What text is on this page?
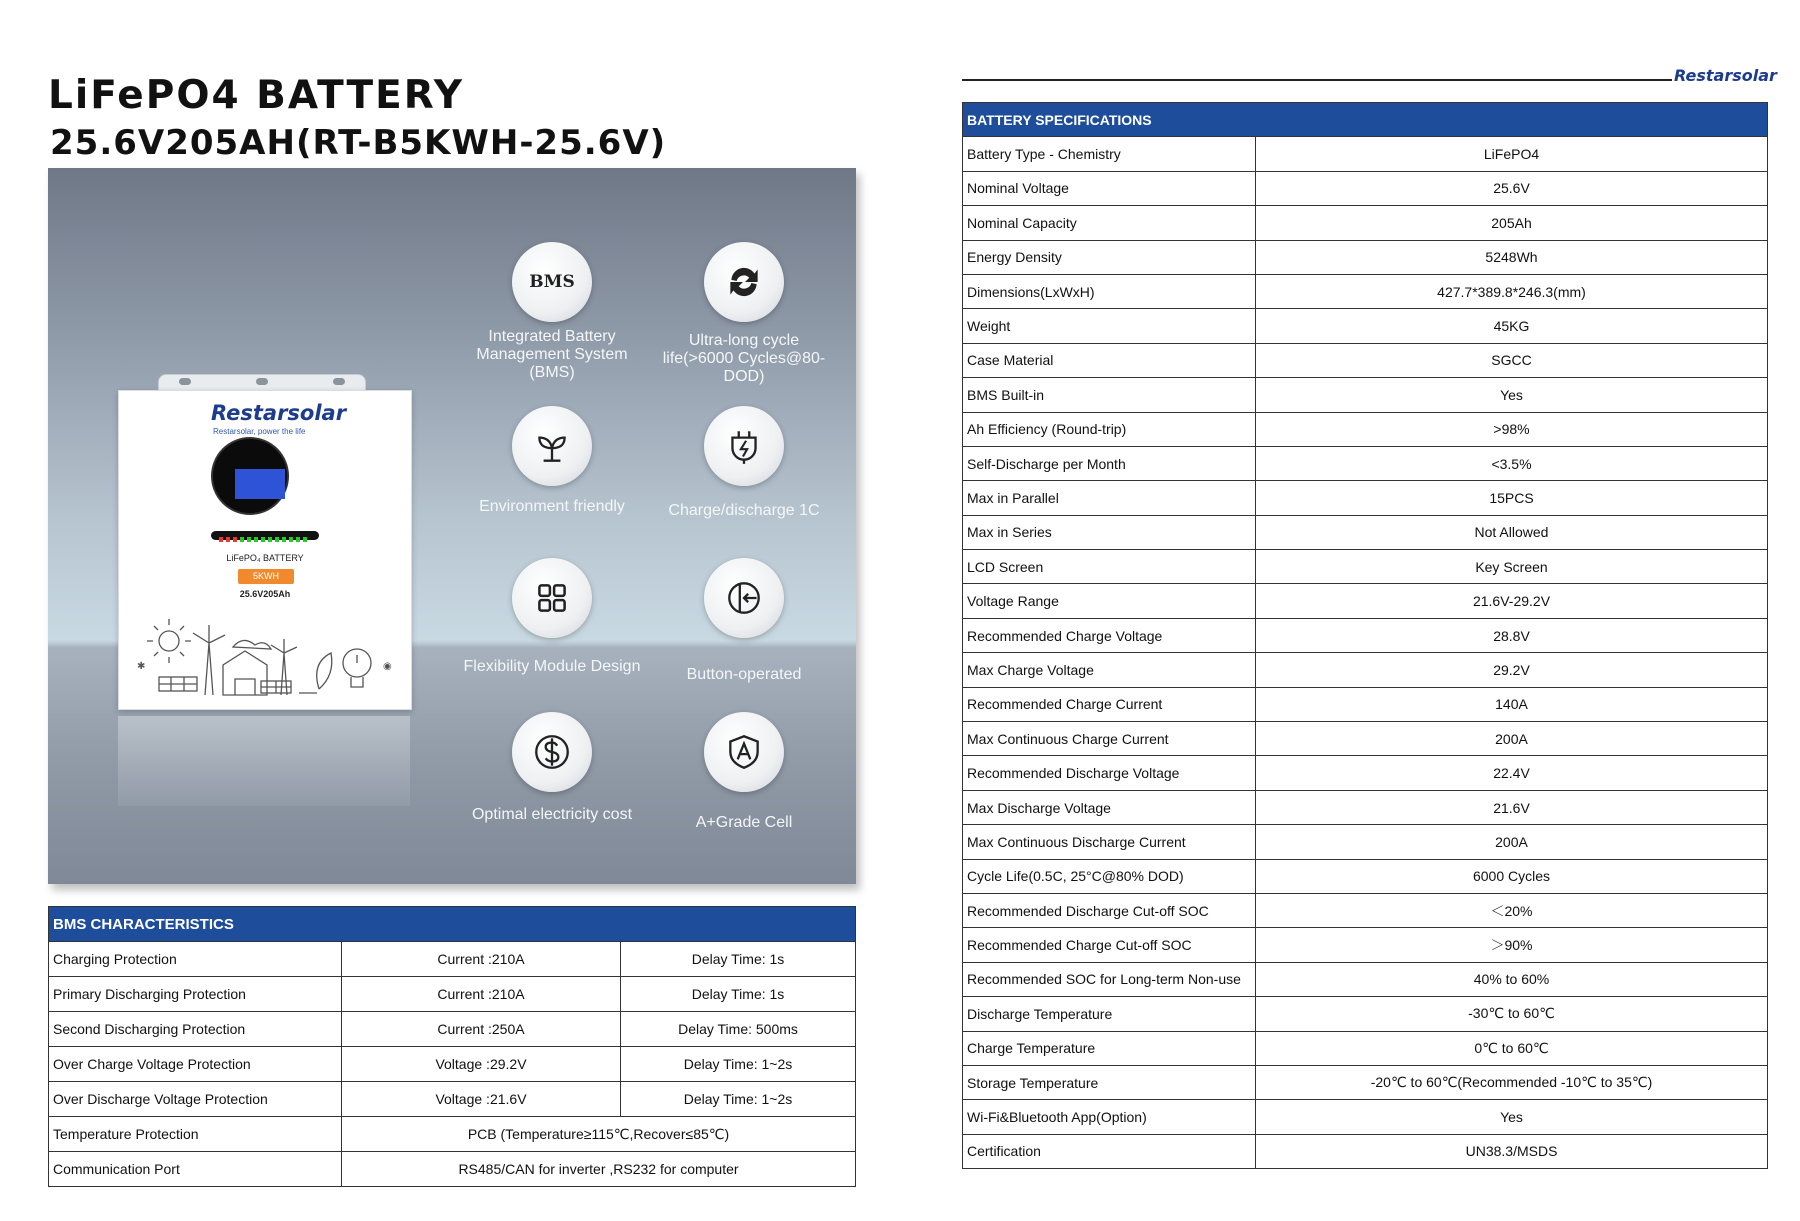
LiFePO4 BATTERY
25.6V205AH(RT-B5KWH-25.6V)
Restarsolar
Restarsolar, power the life
LiFePO₄ BATTERY
5KWH
25.6V205Ah
✱	◉
BMS
Integrated Battery Management System (BMS)
Ultra-long cycle life(>6000 Cycles@80-DOD)
Environment friendly	Charge/discharge 1C
Flexibility Module Design	Button-operated
Optimal electricity cost	A+Grade Cell
BMS CHARACTERISTICS		
Charging Protection	Current :210A	Delay Time: 1s
Primary Discharging Protection	Current :210A	Delay Time: 1s
Second Discharging Protection	Current :250A	Delay Time: 500ms
Over Charge Voltage Protection	Voltage :29.2V	Delay Time: 1~2s
Over Discharge Voltage Protection	Voltage :21.6V	Delay Time: 1~2s
Temperature Protection	PCB (Temperature≥115℃,Recover≤85℃)	
Communication Port	RS485/CAN for inverter ,RS232 for computer	
Restarsolar
BATTERY SPECIFICATIONS	
Battery Type - Chemistry	LiFePO4
Nominal Voltage	25.6V
Nominal Capacity	205Ah
Energy Density	5248Wh
Dimensions(LxWxH)	427.7*389.8*246.3(mm)
Weight	45KG
Case Material	SGCC
BMS Built-in	Yes
Ah Efficiency (Round-trip)	>98%
Self-Discharge per Month	<3.5%
Max in Parallel	15PCS
Max in Series	Not Allowed
LCD Screen	Key Screen
Voltage Range	21.6V-29.2V
Recommended Charge Voltage	28.8V
Max Charge Voltage	29.2V
Recommended Charge Current	140A
Max Continuous Charge Current	200A
Recommended Discharge Voltage	22.4V
Max Discharge Voltage	21.6V
Max Continuous Discharge Current	200A
Cycle Life(0.5C, 25°C@80% DOD)	6000 Cycles
Recommended Discharge Cut-off SOC	＜20%
Recommended Charge Cut-off SOC	＞90%
Recommended SOC for Long-term Non-use	40% to 60%
Discharge Temperature	-30℃ to 60℃
Charge Temperature	0℃ to 60℃
Storage Temperature	-20℃ to 60℃(Recommended -10℃ to 35℃)
Wi-Fi&Bluetooth App(Option)	Yes
Certification	UN38.3/MSDS
